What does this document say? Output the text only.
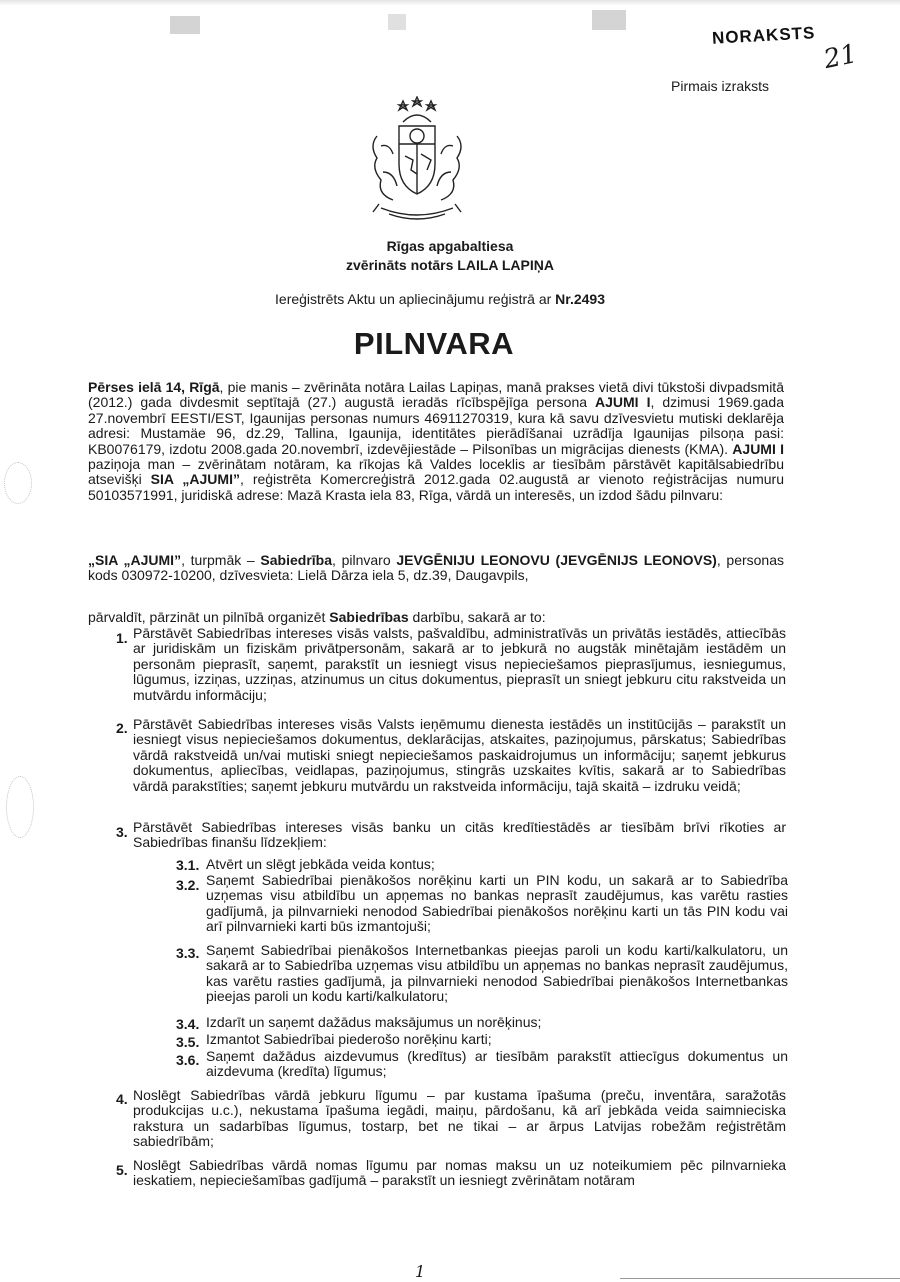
NORAKSTS
21
Pirmais izraksts
Rīgas apgabaltiesa
zvērināts notārs LAILA LAPIŅA
Iereģistrēts Aktu un apliecinājumu reģistrā ar Nr.2493
PILNVARA
Pērses ielā 14, Rīgā, pie manis – zvērināta notāra Lailas Lapiņas, manā prakses vietā divi tūkstoši divpadsmitā (2012.) gada divdesmit septītajā (27.) augustā ieradās rīcībspējīga persona AJUMI I, dzimusi 1969.gada 27.novembrī EESTI/EST, Igaunijas personas numurs 46911270319, kura kā savu dzīvesvietu mutiski deklarēja adresi: Mustamäe 96, dz.29, Tallina, Igaunija, identitātes pierādīšanai uzrādīja Igaunijas pilsoņa pasi: KB0076179, izdotu 2008.gada 20.novembrī, izdevējiestāde – Pilsonības un migrācijas dienests (KMA). AJUMI I paziņoja man – zvērinātam notāram, ka rīkojas kā Valdes loceklis ar tiesībām pārstāvēt kapitālsabiedrību atsevišķi SIA „AJUMI”, reģistrēta Komercreģistrā 2012.gada 02.augustā ar vienoto reģistrācijas numuru 50103571991, juridiskā adrese: Mazā Krasta iela 83, Rīga, vārdā un interesēs, un izdod šādu pilnvaru:
„SIA „AJUMI”, turpmāk – Sabiedrība, pilnvaro JEVGĒNIJU LEONOVU (JEVGĒNIJS LEONOVS), personas kods 030972-10200, dzīvesvieta: Lielā Dārza iela 5, dz.39, Daugavpils,
pārvaldīt, pārzināt un pilnībā organizēt Sabiedrības darbību, sakarā ar to:
1. Pārstāvēt Sabiedrības intereses visās valsts, pašvaldību, administratīvās un privātās iestādēs, attiecībās ar juridiskām un fiziskām privātpersonām, sakarā ar to jebkurā no augstāk minētajām iestādēm un personām pieprasīt, saņemt, parakstīt un iesniegt visus nepieciešamos pieprasījumus, iesniegumus, lūgumus, izziņas, uzziņas, atzinumus un citus dokumentus, pieprasīt un sniegt jebkuru citu rakstveida un mutvārdu informāciju;
2. Pārstāvēt Sabiedrības intereses visās Valsts ieņēmumu dienesta iestādēs un institūcijās – parakstīt un iesniegt visus nepieciešamos dokumentus, deklarācijas, atskaites, paziņojumus, pārskatus; Sabiedrības vārdā rakstveidā un/vai mutiski sniegt nepieciešamos paskaidrojumus un informāciju; saņemt jebkurus dokumentus, apliecības, veidlapas, paziņojumus, stingrās uzskaites kvītis, sakarā ar to Sabiedrības vārdā parakstīties; saņemt jebkuru mutvārdu un rakstveida informāciju, tajā skaitā – izdruku veidā;
3. Pārstāvēt Sabiedrības intereses visās banku un citās kredītiestādēs ar tiesībām brīvi rīkoties ar Sabiedrības finanšu līdzekļiem:
3.1. Atvērt un slēgt jebkāda veida kontus;
3.2. Saņemt Sabiedrībai pienākošos norēķinu karti un PIN kodu, un sakarā ar to Sabiedrība uzņemas visu atbildību un apņemas no bankas neprasīt zaudējumus, kas varētu rasties gadījumā, ja pilnvarnieki nenodod Sabiedrībai pienākošos norēķinu karti un tās PIN kodu vai arī pilnvarnieki karti būs izmantojuši;
3.3. Saņemt Sabiedrībai pienākošos Internetbankas pieejas paroli un kodu karti/kalkulatoru, un sakarā ar to Sabiedrība uzņemas visu atbildību un apņemas no bankas neprasīt zaudējumus, kas varētu rasties gadījumā, ja pilnvarnieki nenodod Sabiedrībai pienākošos Internetbankas pieejas paroli un kodu karti/kalkulatoru;
3.4. Izdarīt un saņemt dažādus maksājumus un norēķinus;
3.5. Izmantot Sabiedrībai piederošo norēķinu karti;
3.6. Saņemt dažādus aizdevumus (kredītus) ar tiesībām parakstīt attiecīgus dokumentus un aizdevuma (kredīta) līgumus;
4. Noslēgt Sabiedrības vārdā jebkuru līgumu – par kustama īpašuma (preču, inventāra, saražotās produkcijas u.c.), nekustama īpašuma iegādi, maiņu, pārdošanu, kā arī jebkāda veida saimnieciska rakstura un sadarbības līgumus, tostarp, bet ne tikai – ar ārpus Latvijas robežām reģistrētām sabiedrībām;
5. Noslēgt Sabiedrības vārdā nomas līgumu par nomas maksu un uz noteikumiem pēc pilnvarnieka ieskatiem, nepieciešamības gadījumā – parakstīt un iesniegt zvērinātam notāram
1
